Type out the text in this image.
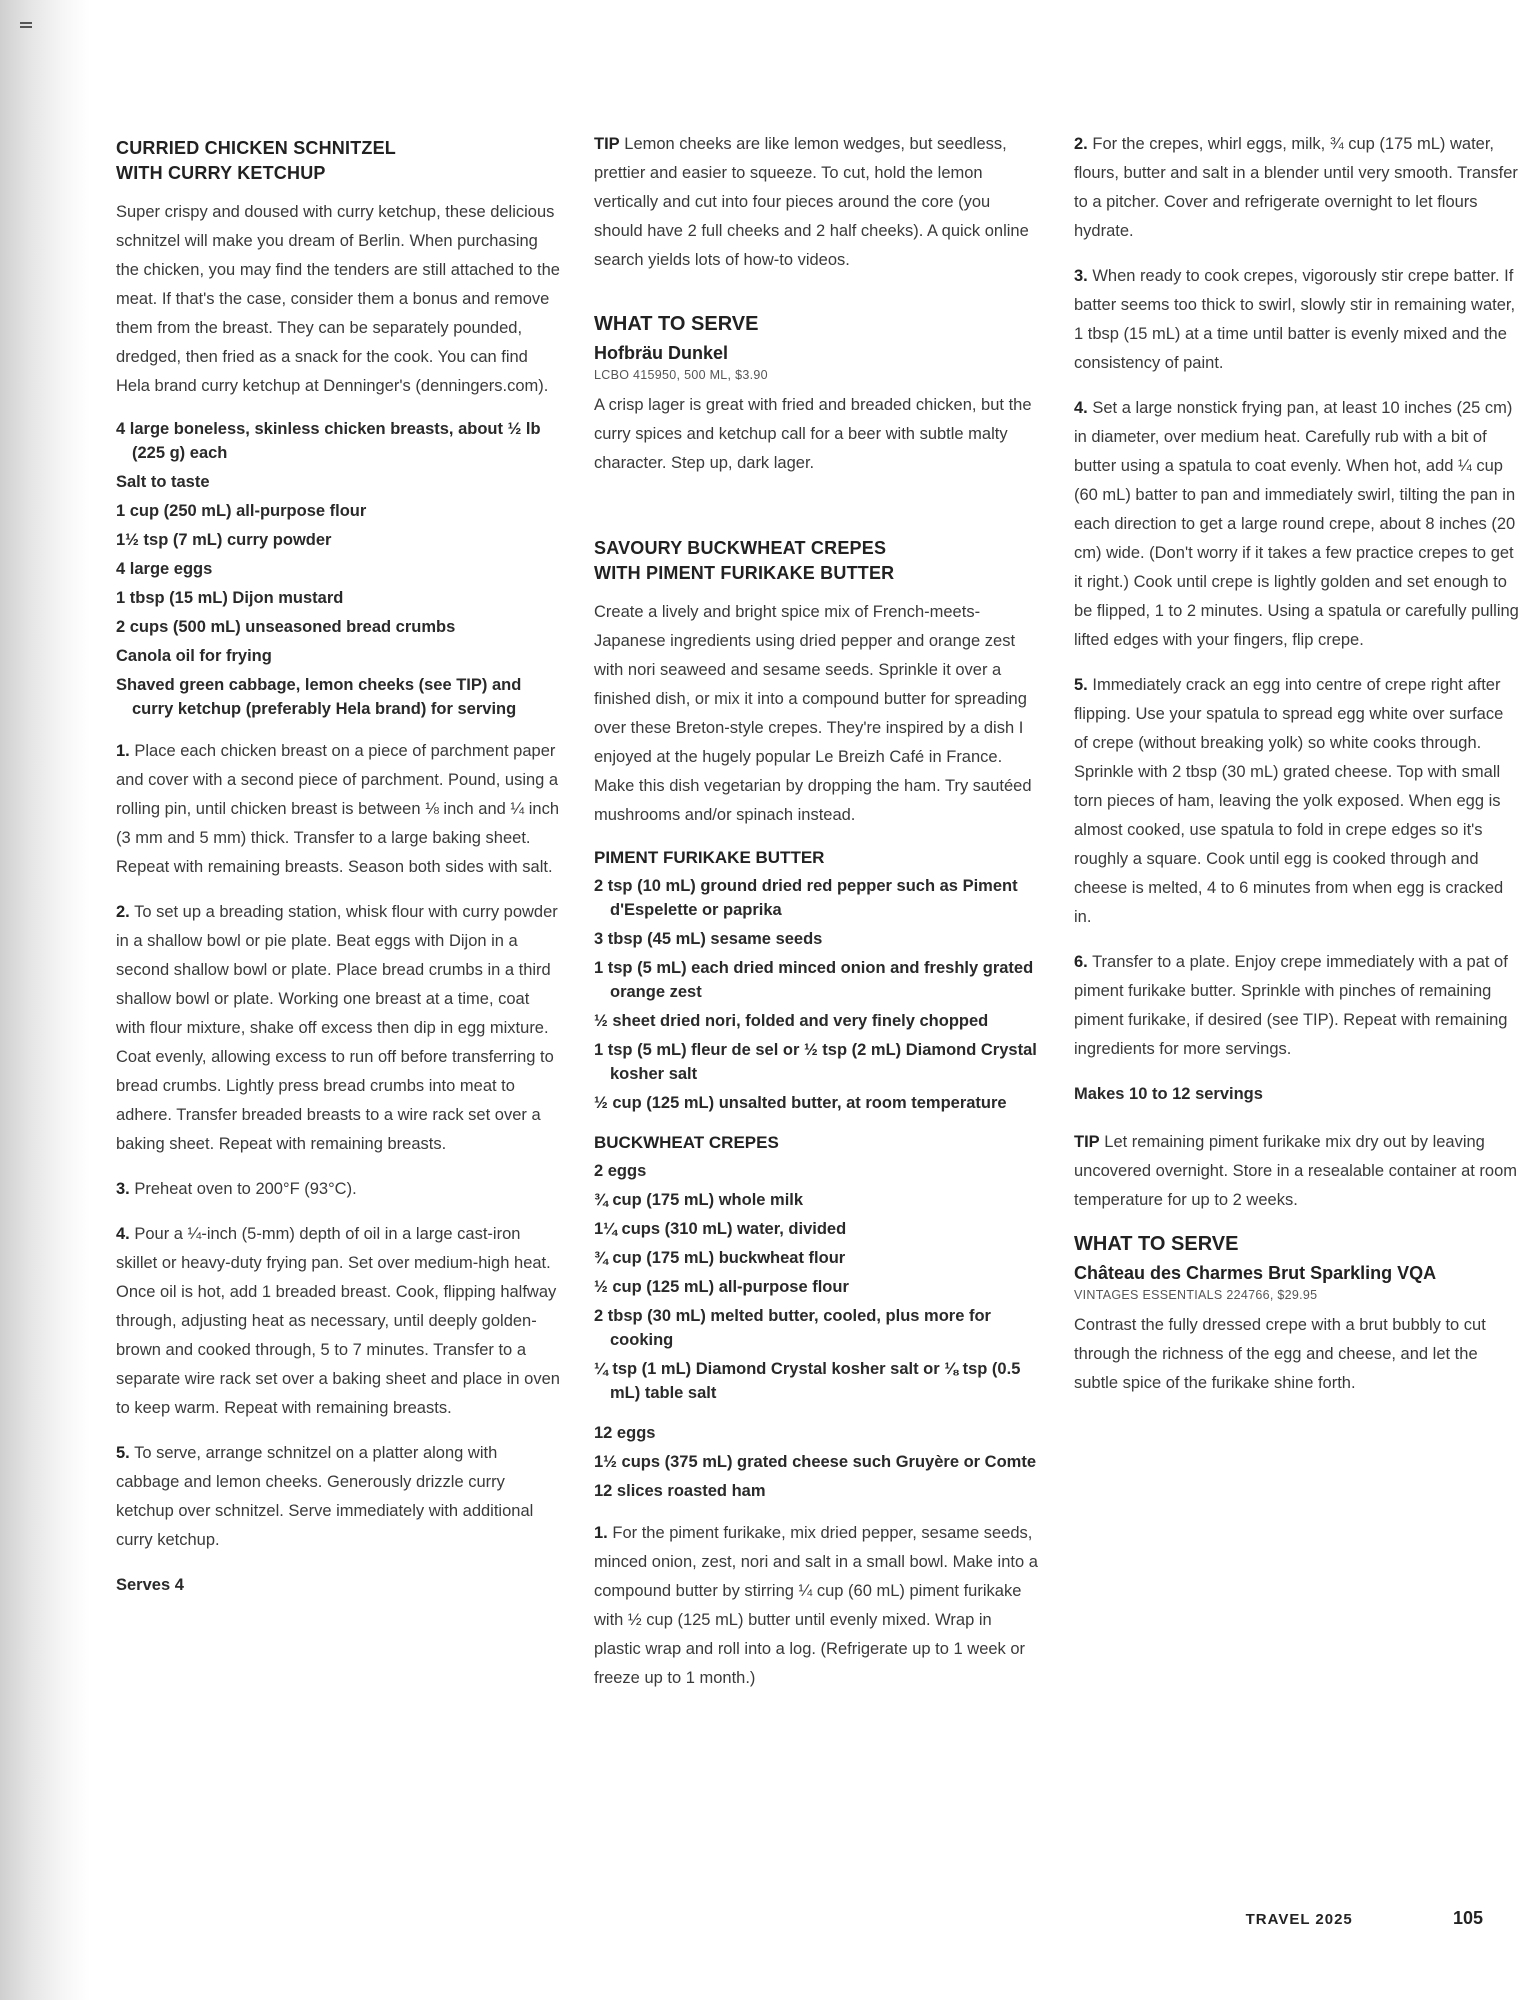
CURRIED CHICKEN SCHNITZEL
WITH CURRY KETCHUP

Super crispy and doused with curry ketchup, these delicious schnitzel will make you dream of Berlin. When purchasing the chicken, you may find the tenders are still attached to the meat. If that's the case, consider them a bonus and remove them from the breast. They can be separately pounded, dredged, then fried as a snack for the cook. You can find Hela brand curry ketchup at Denninger's (denningers.com).

4 large boneless, skinless chicken breasts, about ½ lb (225 g) each
Salt to taste
1 cup (250 mL) all-purpose flour
1½ tsp (7 mL) curry powder
4 large eggs
1 tbsp (15 mL) Dijon mustard
2 cups (500 mL) unseasoned bread crumbs
Canola oil for frying
Shaved green cabbage, lemon cheeks (see TIP) and curry ketchup (preferably Hela brand) for serving

1. Place each chicken breast on a piece of parchment paper and cover with a second piece of parchment. Pound, using a rolling pin, until chicken breast is between ⅛ inch and ¼ inch (3 mm and 5 mm) thick. Transfer to a large baking sheet. Repeat with remaining breasts. Season both sides with salt.

2. To set up a breading station, whisk flour with curry powder in a shallow bowl or pie plate. Beat eggs with Dijon in a second shallow bowl or plate. Place bread crumbs in a third shallow bowl or plate. Working one breast at a time, coat with flour mixture, shake off excess then dip in egg mixture. Coat evenly, allowing excess to run off before transferring to bread crumbs. Lightly press bread crumbs into meat to adhere. Transfer breaded breasts to a wire rack set over a baking sheet. Repeat with remaining breasts.

3. Preheat oven to 200°F (93°C).

4. Pour a ¼-inch (5-mm) depth of oil in a large cast-iron skillet or heavy-duty frying pan. Set over medium-high heat. Once oil is hot, add 1 breaded breast. Cook, flipping halfway through, adjusting heat as necessary, until deeply golden-brown and cooked through, 5 to 7 minutes. Transfer to a separate wire rack set over a baking sheet and place in oven to keep warm. Repeat with remaining breasts.

5. To serve, arrange schnitzel on a platter along with cabbage and lemon cheeks. Generously drizzle curry ketchup over schnitzel. Serve immediately with additional curry ketchup.

Serves 4

TIP Lemon cheeks are like lemon wedges, but seedless, prettier and easier to squeeze. To cut, hold the lemon vertically and cut into four pieces around the core (you should have 2 full cheeks and 2 half cheeks). A quick online search yields lots of how-to videos.

WHAT TO SERVE
Hofbräu Dunkel
LCBO 415950, 500 ML, $3.90

A crisp lager is great with fried and breaded chicken, but the curry spices and ketchup call for a beer with subtle malty character. Step up, dark lager.

SAVOURY BUCKWHEAT CREPES
WITH PIMENT FURIKAKE BUTTER

Create a lively and bright spice mix of French-meets-Japanese ingredients using dried pepper and orange zest with nori seaweed and sesame seeds. Sprinkle it over a finished dish, or mix it into a compound butter for spreading over these Breton-style crepes. They're inspired by a dish I enjoyed at the hugely popular Le Breizh Café in France. Make this dish vegetarian by dropping the ham. Try sautéed mushrooms and/or spinach instead.

PIMENT FURIKAKE BUTTER
2 tsp (10 mL) ground dried red pepper such as Piment d'Espelette or paprika
3 tbsp (45 mL) sesame seeds
1 tsp (5 mL) each dried minced onion and freshly grated orange zest
½ sheet dried nori, folded and very finely chopped
1 tsp (5 mL) fleur de sel or ½ tsp (2 mL) Diamond Crystal kosher salt
½ cup (125 mL) unsalted butter, at room temperature
BUCKWHEAT CREPES
2 eggs
¾ cup (175 mL) whole milk
1¼ cups (310 mL) water, divided
¾ cup (175 mL) buckwheat flour
½ cup (125 mL) all-purpose flour
2 tbsp (30 mL) melted butter, cooled, plus more for cooking
¼ tsp (1 mL) Diamond Crystal kosher salt or ⅛ tsp (0.5 mL) table salt
12 eggs
1½ cups (375 mL) grated cheese such Gruyère or Comte
12 slices roasted ham

1. For the piment furikake, mix dried pepper, sesame seeds, minced onion, zest, nori and salt in a small bowl. Make into a compound butter by stirring ¼ cup (60 mL) piment furikake with ½ cup (125 mL) butter until evenly mixed. Wrap in plastic wrap and roll into a log. (Refrigerate up to 1 week or freeze up to 1 month.)

2. For the crepes, whirl eggs, milk, ¾ cup (175 mL) water, flours, butter and salt in a blender until very smooth. Transfer to a pitcher. Cover and refrigerate overnight to let flours hydrate.

3. When ready to cook crepes, vigorously stir crepe batter. If batter seems too thick to swirl, slowly stir in remaining water, 1 tbsp (15 mL) at a time until batter is evenly mixed and the consistency of paint.

4. Set a large nonstick frying pan, at least 10 inches (25 cm) in diameter, over medium heat. Carefully rub with a bit of butter using a spatula to coat evenly. When hot, add ¼ cup (60 mL) batter to pan and immediately swirl, tilting the pan in each direction to get a large round crepe, about 8 inches (20 cm) wide. (Don't worry if it takes a few practice crepes to get it right.) Cook until crepe is lightly golden and set enough to be flipped, 1 to 2 minutes. Using a spatula or carefully pulling lifted edges with your fingers, flip crepe.

5. Immediately crack an egg into centre of crepe right after flipping. Use your spatula to spread egg white over surface of crepe (without breaking yolk) so white cooks through. Sprinkle with 2 tbsp (30 mL) grated cheese. Top with small torn pieces of ham, leaving the yolk exposed. When egg is almost cooked, use spatula to fold in crepe edges so it's roughly a square. Cook until egg is cooked through and cheese is melted, 4 to 6 minutes from when egg is cracked in.

6. Transfer to a plate. Enjoy crepe immediately with a pat of piment furikake butter. Sprinkle with pinches of remaining piment furikake, if desired (see TIP). Repeat with remaining ingredients for more servings.

Makes 10 to 12 servings

TIP Let remaining piment furikake mix dry out by leaving uncovered overnight. Store in a resealable container at room temperature for up to 2 weeks.

WHAT TO SERVE
Château des Charmes Brut Sparkling VQA
VINTAGES ESSENTIALS 224766, $29.95

Contrast the fully dressed crepe with a brut bubbly to cut through the richness of the egg and cheese, and let the subtle spice of the furikake shine forth.

TRAVEL 2025	105
